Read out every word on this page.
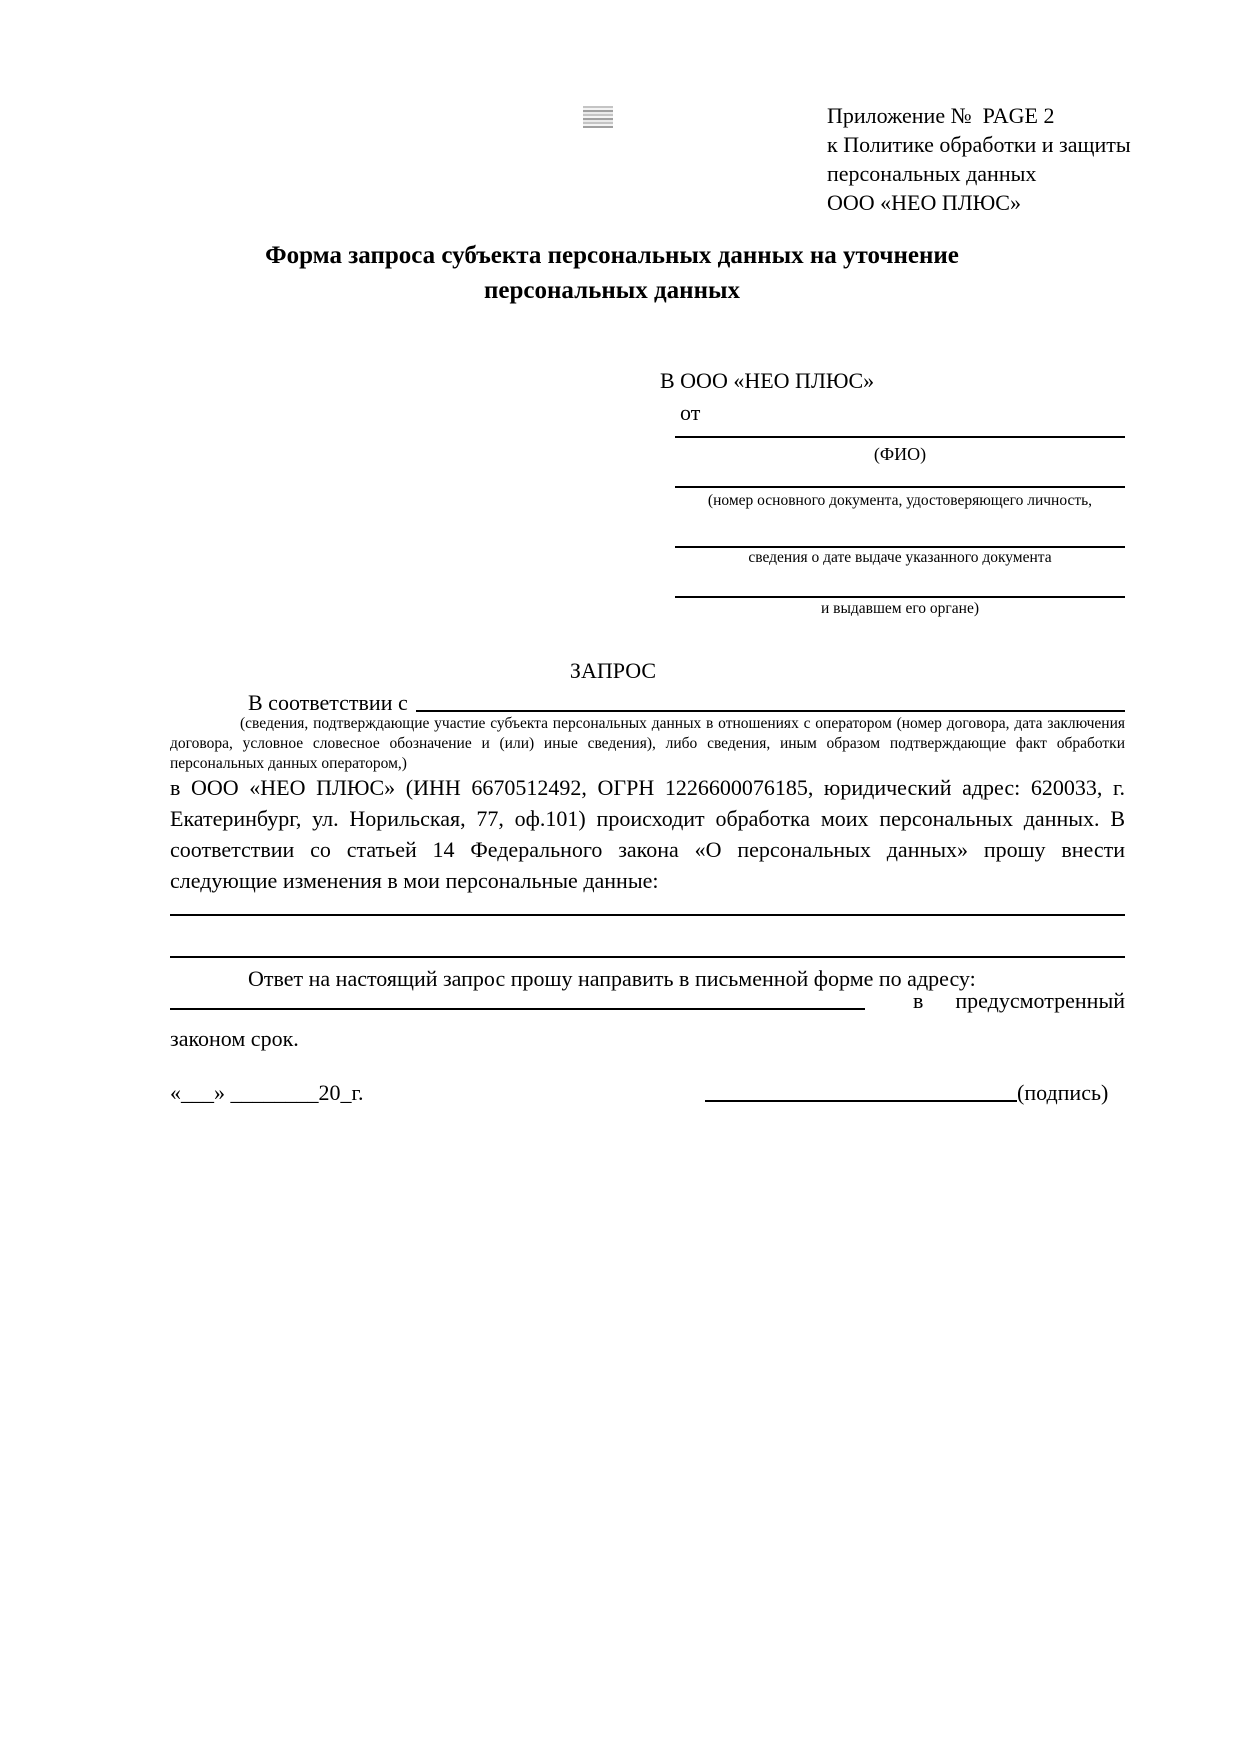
Приложение №  PAGE 2
к Политике обработки и защиты
персональных данных
ООО «НЕО ПЛЮС»
Форма запроса субъекта персональных данных на уточнение
персональных данных
В ООО «НЕО ПЛЮС»
от
(ФИО)
(номер основного документа, удостоверяющего личность,
сведения о дате выдаче указанного документа
и выдавшем его органе)
ЗАПРОС
В соответствии с
(сведения, подтверждающие участие субъекта персональных данных в отношениях с оператором (номер договора, дата заключения договора, условное словесное обозначение и (или) иные сведения), либо сведения, иным образом подтверждающие факт обработки персональных данных оператором,)
в ООО «НЕО ПЛЮС» (ИНН 6670512492, ОГРН 1226600076185, юридический адрес: 620033, г. Екатеринбург, ул. Норильская, 77, оф.101) происходит обработка моих персональных данных. В соответствии со статьей 14 Федерального закона «О персональных данных» прошу внести следующие изменения в мои персональные данные:
Ответ на настоящий запрос прошу направить в письменной форме по адресу:
в предусмотренный
законом срок.
«___» ________20_г.	(подпись)
